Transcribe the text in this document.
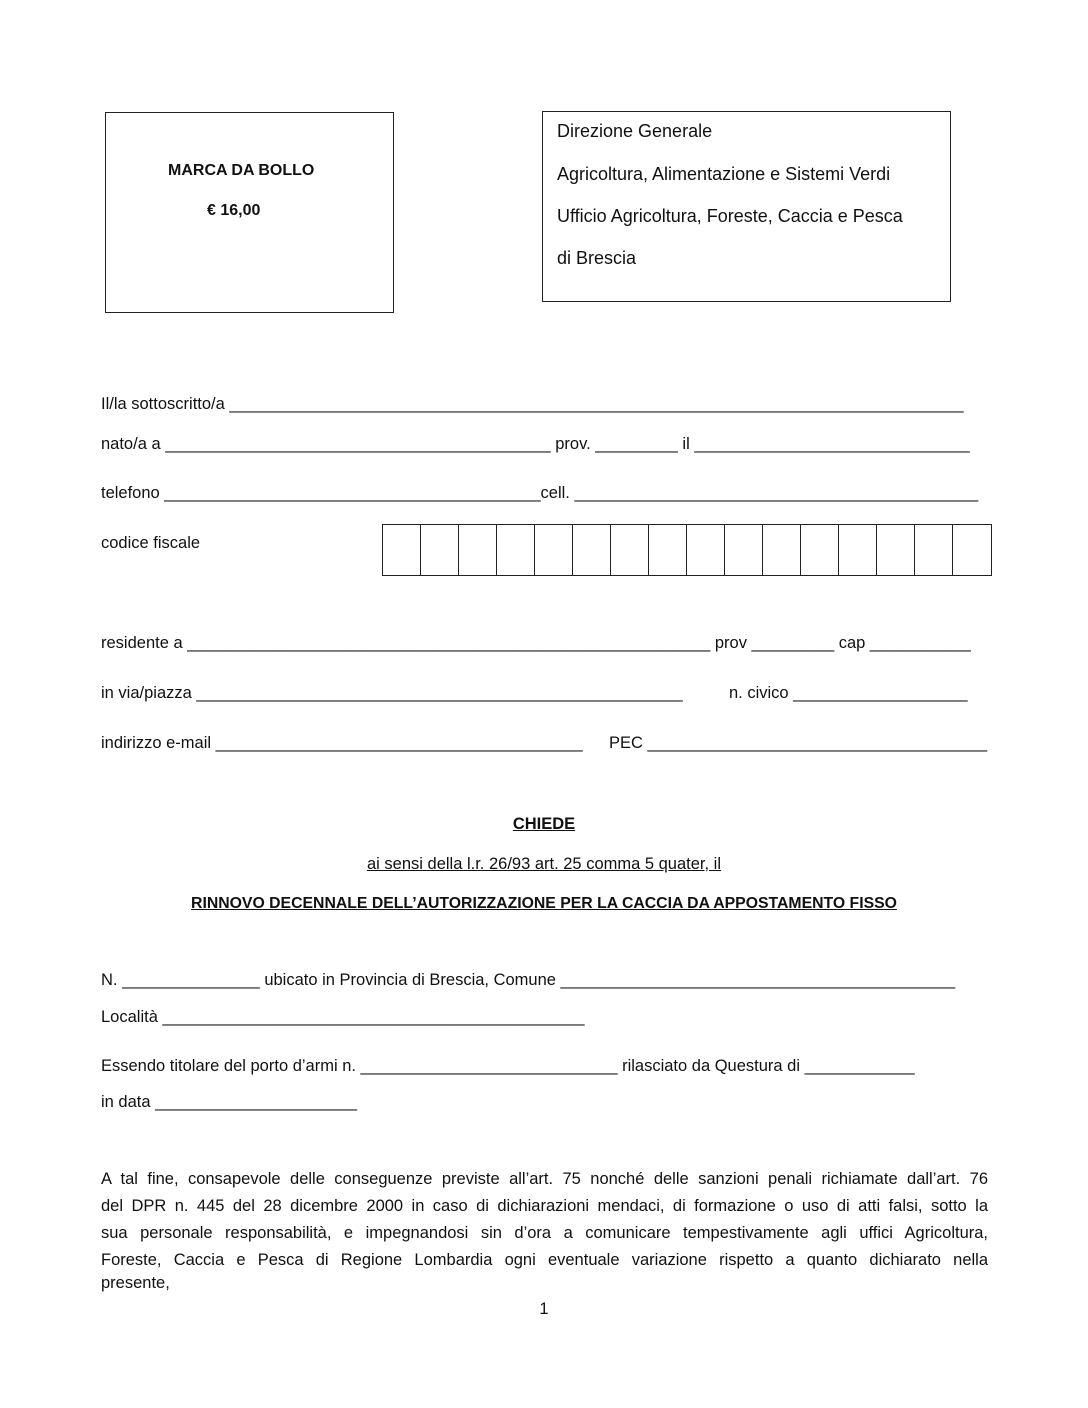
MARCA DA BOLLO
€ 16,00
Direzione Generale
Agricoltura, Alimentazione e Sistemi Verdi
Ufficio Agricoltura, Foreste, Caccia e Pesca
di Brescia
Il/la sottoscritto/a ________________________________________________________________________________
nato/a a __________________________________________ prov. _________ il ______________________________
telefono _________________________________________cell. ____________________________________________
codice fiscale
residente a _________________________________________________________ prov _________ cap ___________
in via/piazza _____________________________________________________	n. civico ___________________
indirizzo e-mail ________________________________________ PEC _____________________________________
CHIEDE
ai sensi della l.r. 26/93 art. 25 comma 5 quater, il
RINNOVO DECENNALE DELL’AUTORIZZAZIONE PER LA CACCIA DA APPOSTAMENTO FISSO
N. _______________ ubicato in Provincia di Brescia, Comune ___________________________________________
Località ______________________________________________
Essendo titolare del porto d’armi n. ____________________________ rilasciato da Questura di ____________
in data ______________________
A tal fine, consapevole delle conseguenze previste all’art. 75 nonché delle sanzioni penali richiamate dall’art. 76
del DPR n. 445 del 28 dicembre 2000 in caso di dichiarazioni mendaci, di formazione o uso di atti falsi, sotto la
sua personale responsabilità, e impegnandosi sin d’ora a comunicare tempestivamente agli uffici Agricoltura,
Foreste, Caccia e Pesca di Regione Lombardia ogni eventuale variazione rispetto a quanto dichiarato nella
presente,
1
